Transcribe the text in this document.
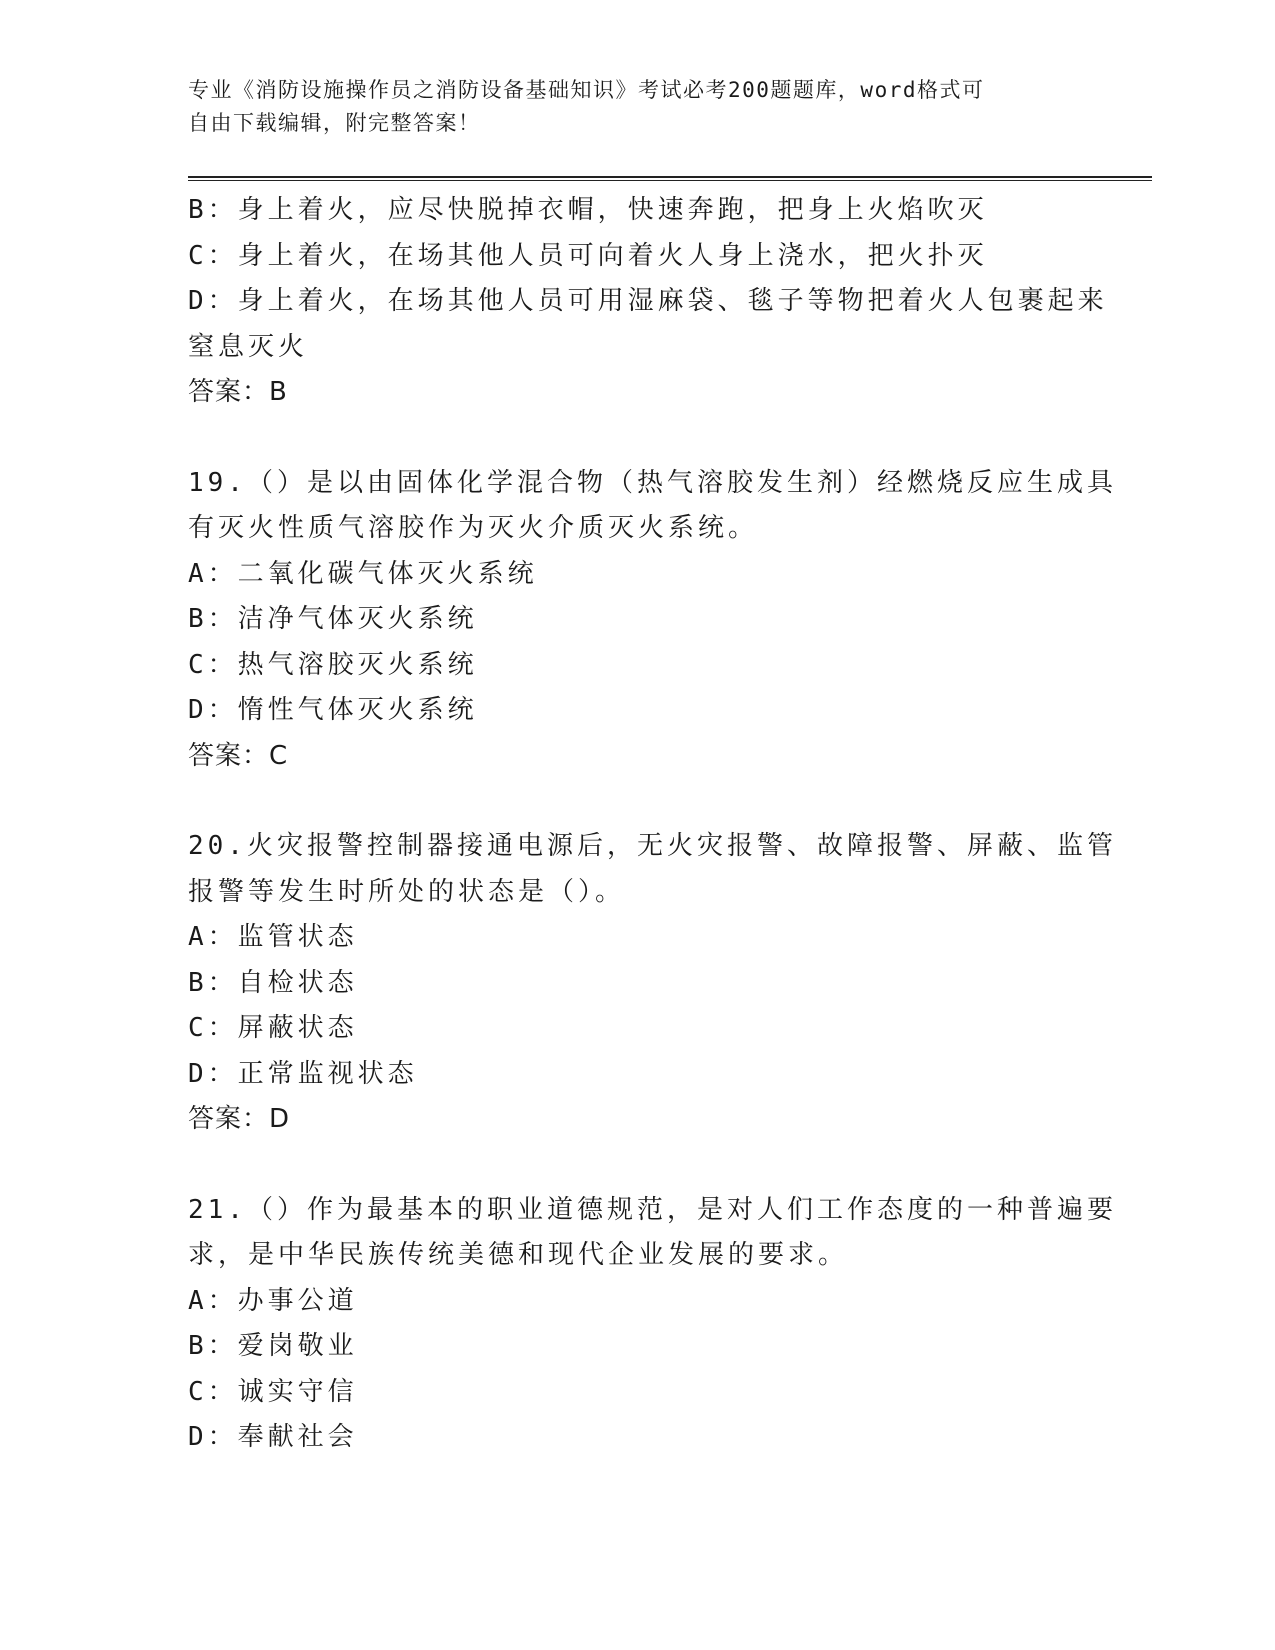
专业《消防设施操作员之消防设备基础知识》考试必考200题题库，word格式可
自由下载编辑，附完整答案！
B：身上着火，应尽快脱掉衣帽，快速奔跑，把身上火焰吹灭
C：身上着火，在场其他人员可向着火人身上浇水，把火扑灭
D：身上着火，在场其他人员可用湿麻袋、毯子等物把着火人包裹起来
窒息灭火
答案：B
19.（）是以由固体化学混合物（热气溶胶发生剂）经燃烧反应生成具
有灭火性质气溶胶作为灭火介质灭火系统。
A：二氧化碳气体灭火系统
B：洁净气体灭火系统
C：热气溶胶灭火系统
D：惰性气体灭火系统
答案：C
20.火灾报警控制器接通电源后，无火灾报警、故障报警、屏蔽、监管
报警等发生时所处的状态是（）。
A：监管状态
B：自检状态
C：屏蔽状态
D：正常监视状态
答案：D
21.（）作为最基本的职业道德规范，是对人们工作态度的一种普遍要
求，是中华民族传统美德和现代企业发展的要求。
A：办事公道
B：爱岗敬业
C：诚实守信
D：奉献社会
